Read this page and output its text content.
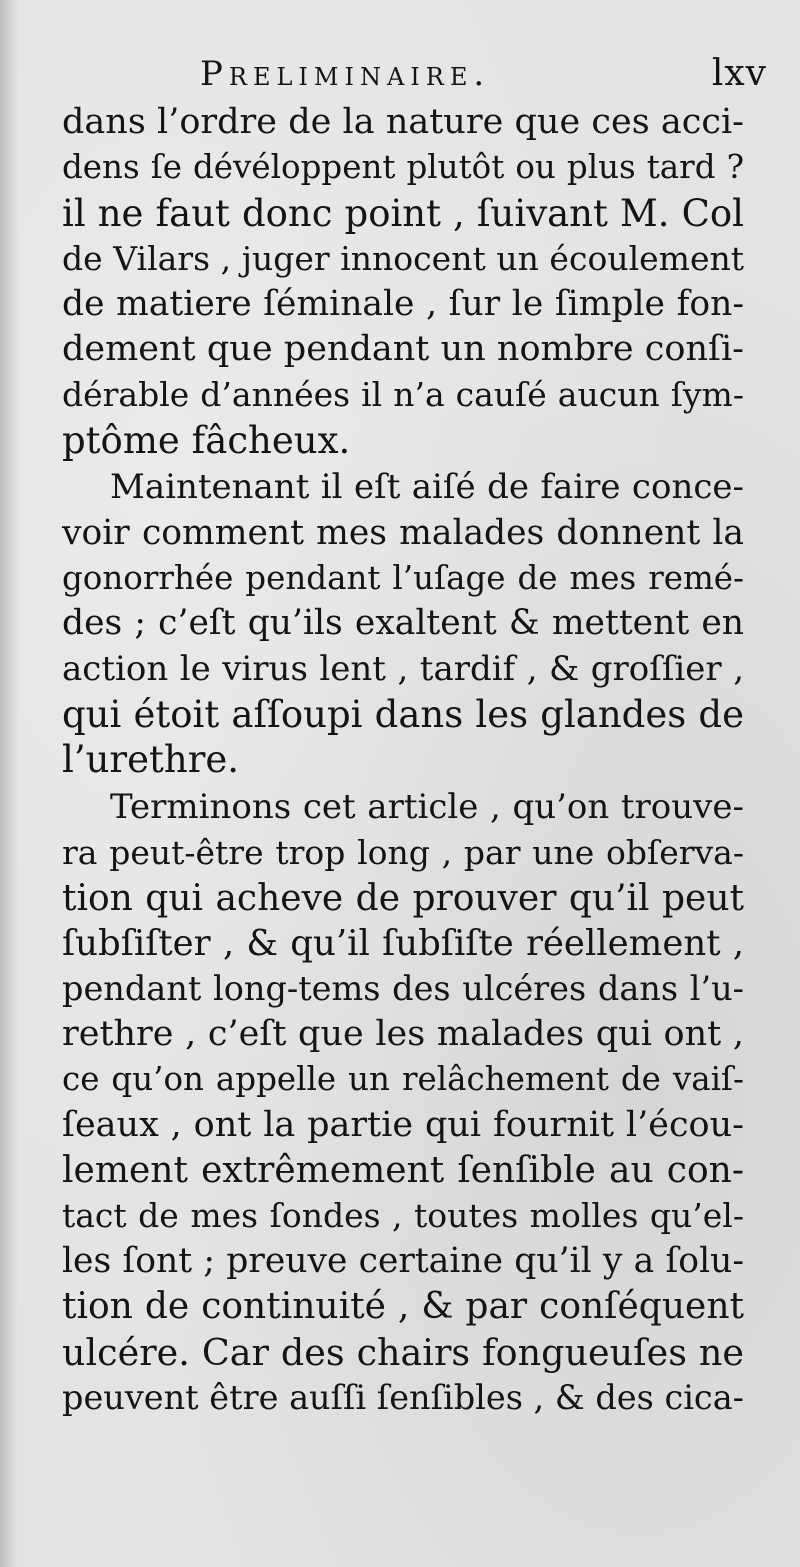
Preliminaire.	lxv
dans l’ordre de la nature que ces acci-
dens ſe dévéloppent plutôt ou plus tard ?
il ne faut donc point , ſuivant M. Col
de Vilars , juger innocent un écoulement
de matiere ſéminale , ſur le ſimple fon-
dement que pendant un nombre conſi-
dérable d’années il n’a cauſé aucun ſym-
ptôme fâcheux.
Maintenant il eſt aiſé de faire conce-
voir comment mes malades donnent la
gonorrhée pendant l’uſage de mes remé-
des ; c’eſt qu’ils exaltent & mettent en
action le virus lent , tardif , & groſſier ,
qui étoit aſſoupi dans les glandes de
l’urethre.
Terminons cet article , qu’on trouve-
ra peut-être trop long , par une obſerva-
tion qui acheve de prouver qu’il peut
ſubſiſter , & qu’il ſubſiſte réellement ,
pendant long-tems des ulcéres dans l’u-
rethre , c’eſt que les malades qui ont ,
ce qu’on appelle un relâchement de vaiſ-
ſeaux , ont la partie qui fournit l’écou-
lement extrêmement ſenſible au con-
tact de mes ſondes , toutes molles qu’el-
les ſont ; preuve certaine qu’il y a ſolu-
tion de continuité , & par conſéquent
ulcére. Car des chairs fongueuſes ne
peuvent être auſſi ſenſibles , & des cica-
